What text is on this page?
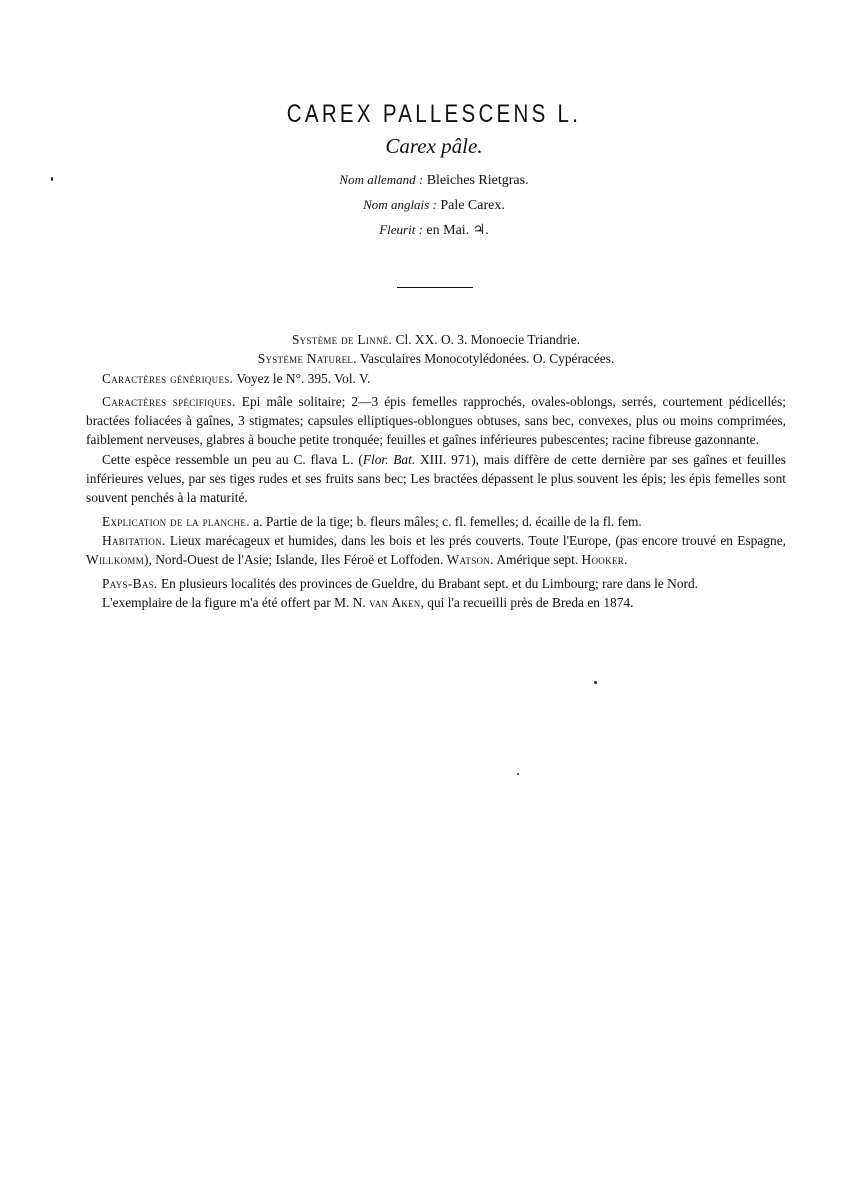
CAREX PALLESCENS L.
Carex pâle.
Nom allemand : Bleiches Rietgras.
Nom anglais : Pale Carex.
Fleurit : en Mai. ♃.

Système de Linné. Cl. XX. O. 3. Monoecie Triandrie.

Système Naturel. Vasculaires Monocotylédonées. O. Cypéracées.

Caractères génériques. Voyez le N°. 395. Vol. V.

Caractères spécifiques. Epi mâle solitaire; 2—3 épis femelles rapprochés, ovales-oblongs, serrés, courtement pédicellés; bractées foliacées à gaînes, 3 stigmates; capsules elliptiques-oblongues obtuses, sans bec, convexes, plus ou moins comprimées, faiblement nerveuses, glabres à bouche petite tronquée; feuilles et gaînes inférieures pubescentes; racine fibreuse gazonnante.

Cette espèce ressemble un peu au C. flava L. (Flor. Bat. XIII. 971), mais diffère de cette dernière par ses gaînes et feuilles inférieures velues, par ses tiges rudes et ses fruits sans bec; Les bractées dépassent le plus souvent les épis; les épis femelles sont souvent penchés à la maturité.

Explication de la planche. a. Partie de la tige; b. fleurs mâles; c. fl. femelles; d. écaille de la fl. fem.

Habitation. Lieux marécageux et humides, dans les bois et les prés couverts. Toute l'Europe, (pas encore trouvé en Espagne, Willkomm), Nord-Ouest de l'Asie; Islande, Iles Féroë et Loffoden. Watson. Amérique sept. Hooker.

Pays-Bas. En plusieurs localités des provinces de Gueldre, du Brabant sept. et du Limbourg; rare dans le Nord.

L'exemplaire de la figure m'a été offert par M. N. van Aken, qui l'a recueilli près de Breda en 1874.
